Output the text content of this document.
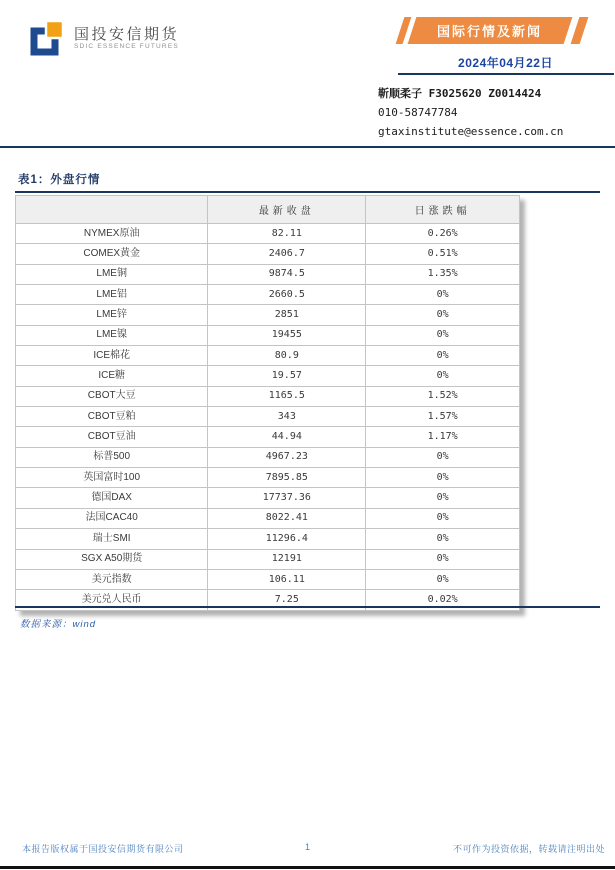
国投安信期货
SDIC ESSENCE FUTURES
国际行情及新闻
2024年04月22日
靳顺柔子 F3025620 Z0014424
010-58747784
gtaxinstitute@essence.com.cn
表1：外盘行情
	最新收盘	日涨跌幅
NYMEX原油	82.11	0.26%
COMEX黄金	2406.7	0.51%
LME铜	9874.5	1.35%
LME铝	2660.5	0%
LME锌	2851	0%
LME镍	19455	0%
ICE棉花	80.9	0%
ICE糖	19.57	0%
CBOT大豆	1165.5	1.52%
CBOT豆粕	343	1.57%
CBOT豆油	44.94	1.17%
标普500	4967.23	0%
英国富时100	7895.85	0%
德国DAX	17737.36	0%
法国CAC40	8022.41	0%
瑞士SMI	11296.4	0%
SGX A50期货	12191	0%
美元指数	106.11	0%
美元兑人民币	7.25	0.02%
数据来源：wind
本报告版权属于国投安信期货有限公司	1	不可作为投资依据，转载请注明出处
